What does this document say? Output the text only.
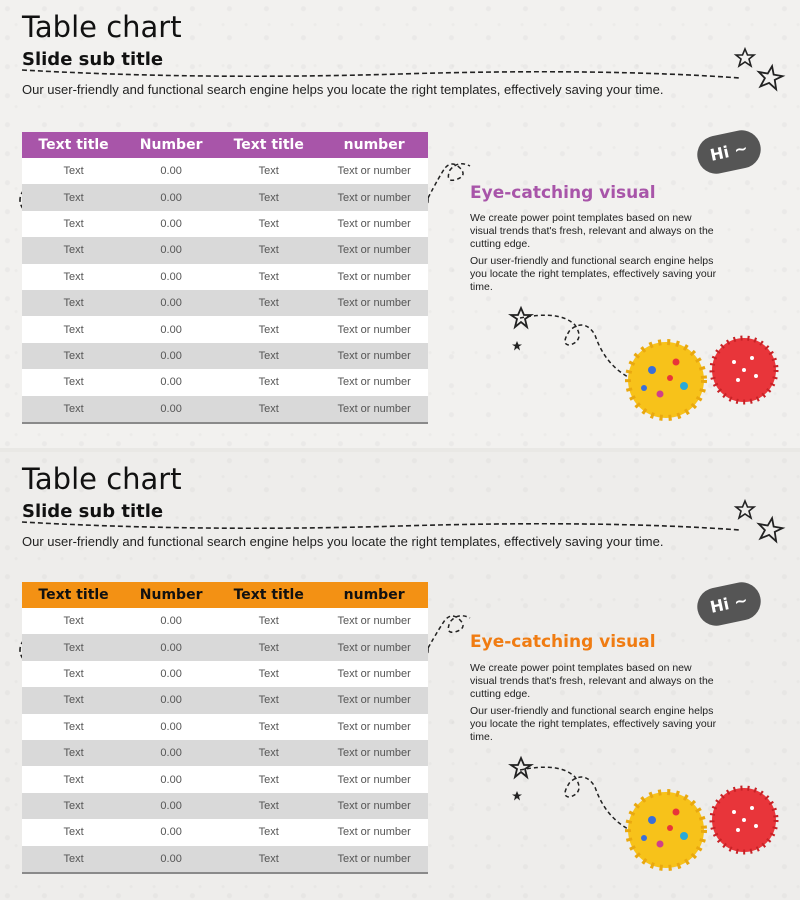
Table chart
Slide sub title
Our user-friendly and functional search engine helps you locate the right templates, effectively saving your time.
Text title	Number	Text title	number
Text	0.00	Text	Text or number
Text	0.00	Text	Text or number
Text	0.00	Text	Text or number
Text	0.00	Text	Text or number
Text	0.00	Text	Text or number
Text	0.00	Text	Text or number
Text	0.00	Text	Text or number
Text	0.00	Text	Text or number
Text	0.00	Text	Text or number
Text	0.00	Text	Text or number
Hi ~
Eye-catching visual
We create power point templates based on new visual trends that's fresh, relevant and always on the cutting edge.
Our user-friendly and functional search engine helps you locate the right templates, effectively saving your time.
Table chart
Slide sub title
Our user-friendly and functional search engine helps you locate the right templates, effectively saving your time.
Text title	Number	Text title	number
Text	0.00	Text	Text or number
Text	0.00	Text	Text or number
Text	0.00	Text	Text or number
Text	0.00	Text	Text or number
Text	0.00	Text	Text or number
Text	0.00	Text	Text or number
Text	0.00	Text	Text or number
Text	0.00	Text	Text or number
Text	0.00	Text	Text or number
Text	0.00	Text	Text or number
Hi ~
Eye-catching visual
We create power point templates based on new visual trends that's fresh, relevant and always on the cutting edge.
Our user-friendly and functional search engine helps you locate the right templates, effectively saving your time.
